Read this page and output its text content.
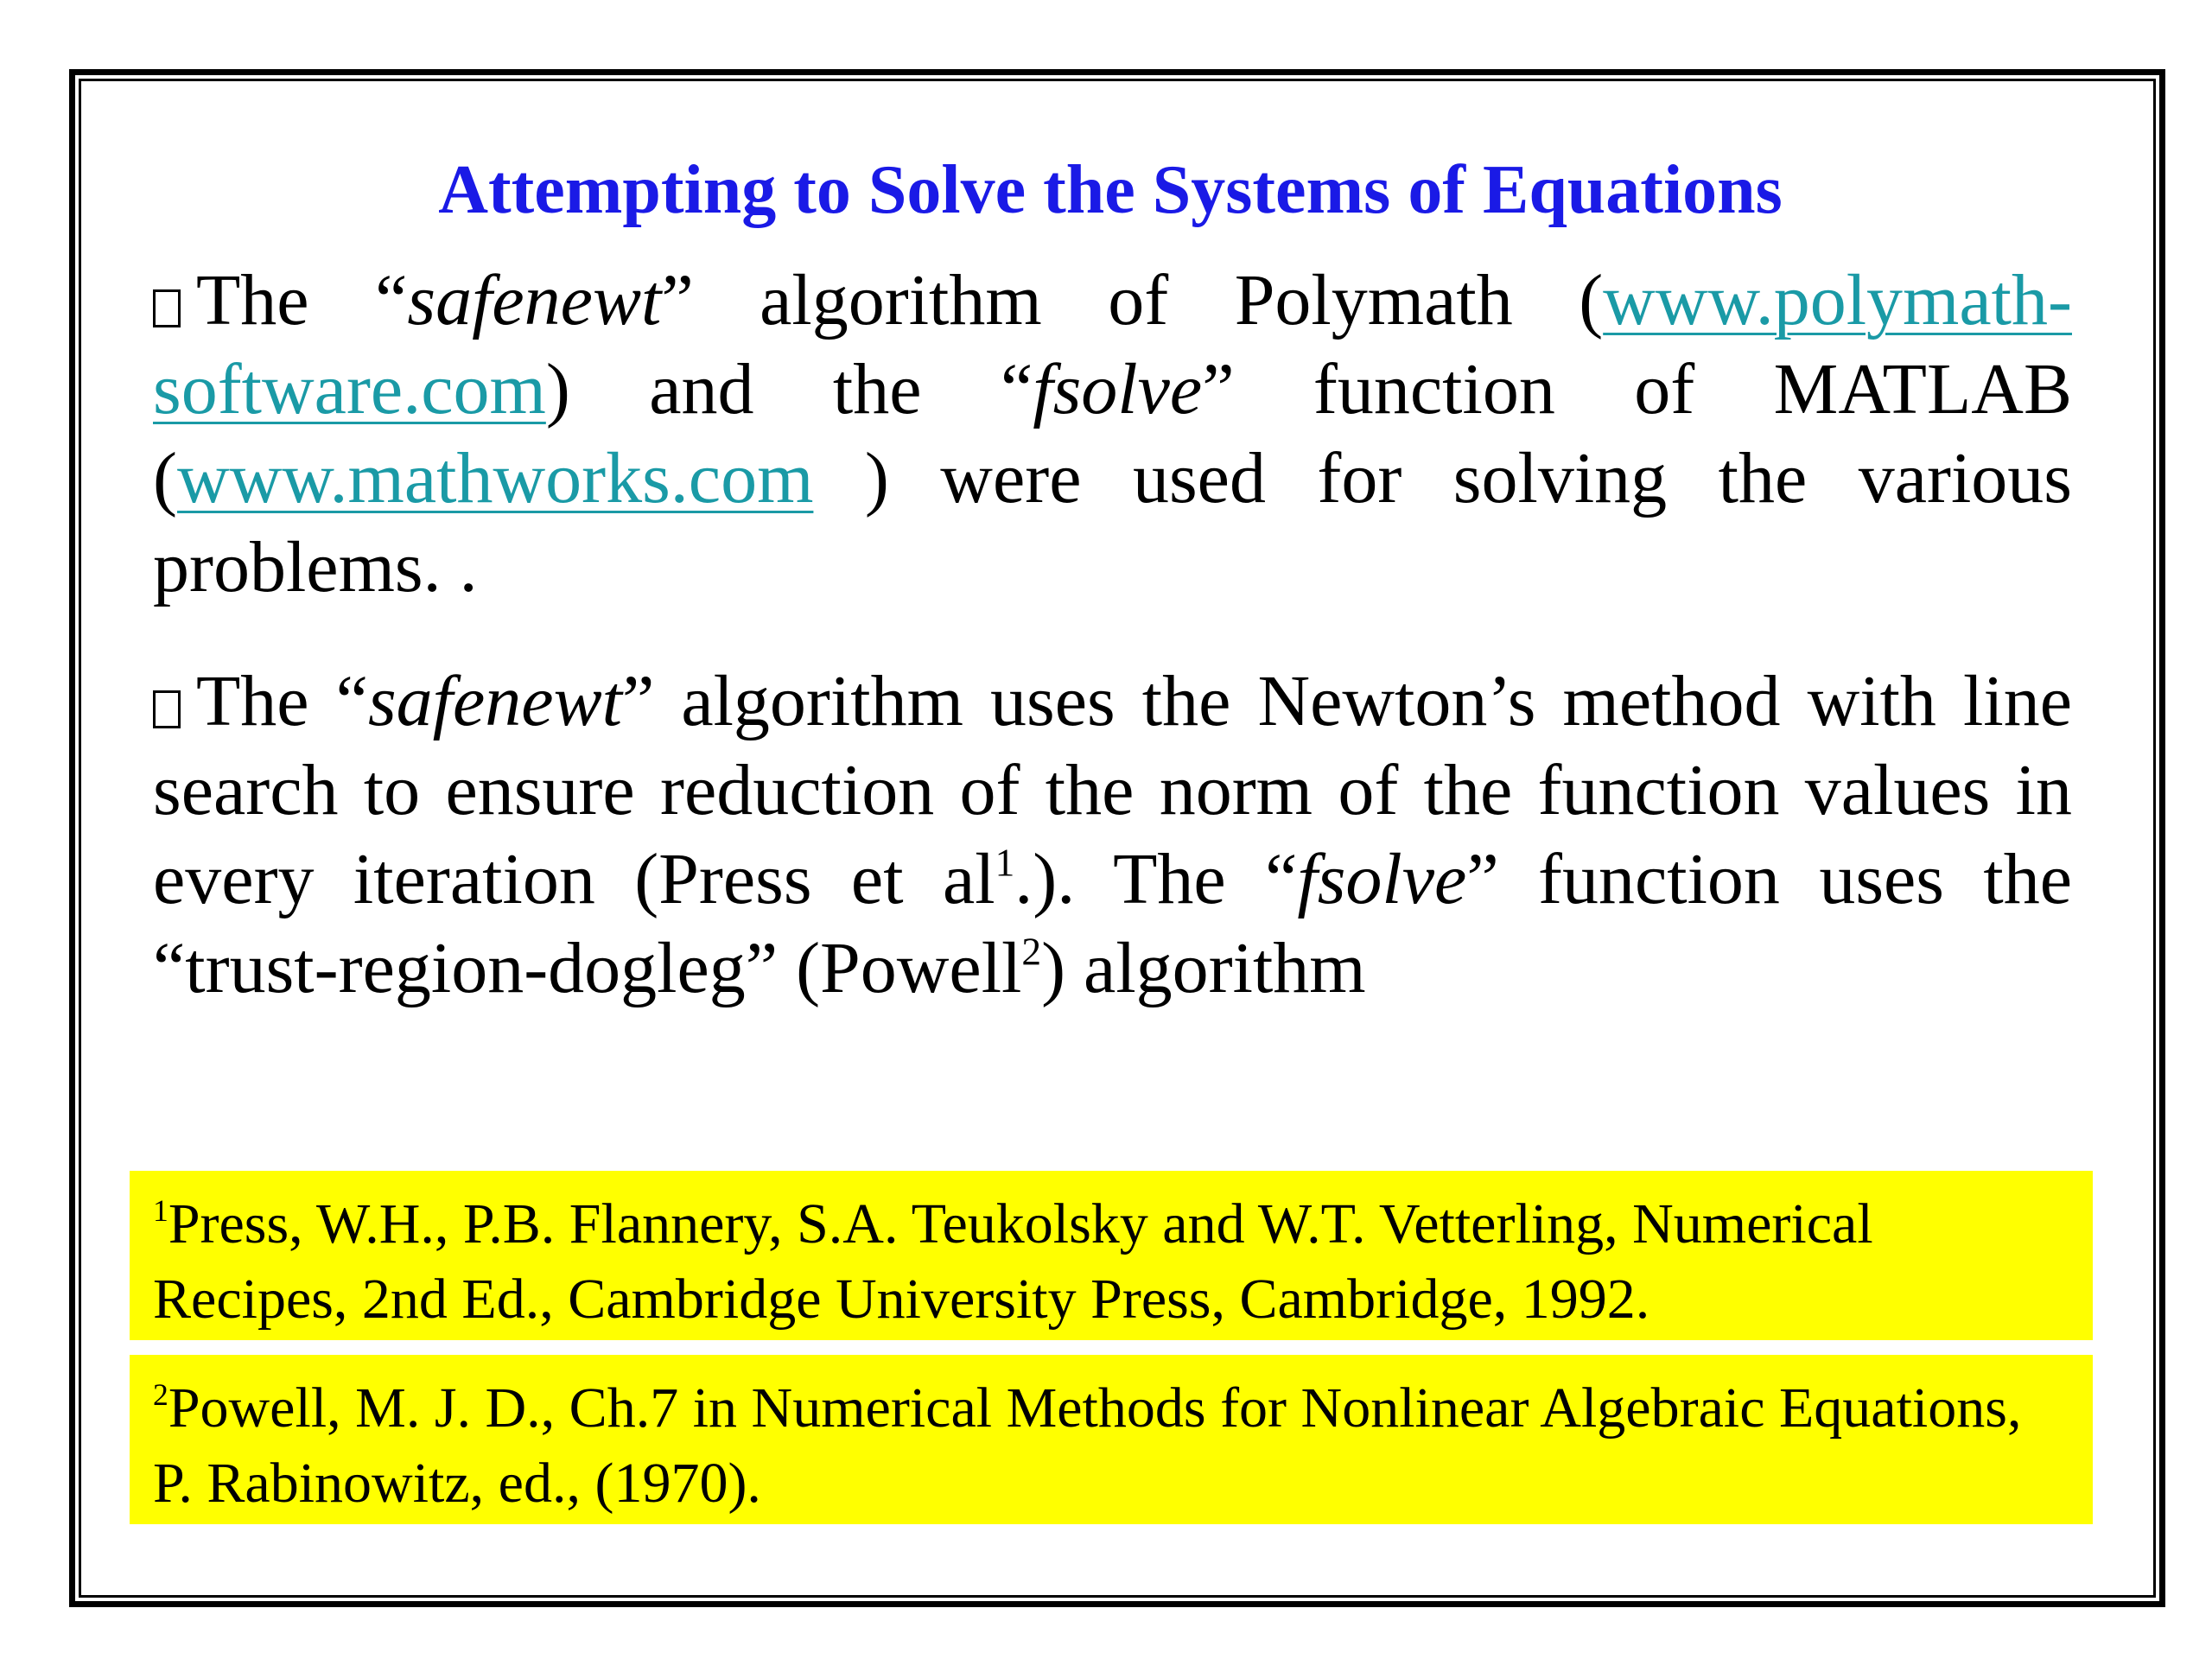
Attempting to Solve the Systems of Equations

The “safenewt” algorithm of Polymath (www.polymath-software.com) and the “fsolve” function of MATLAB (www.mathworks.com ) were used for solving the various problems. .

The “safenewt” algorithm uses the Newton’s method with line search to ensure reduction of the norm of the function values in every iteration (Press et $al^1$.). The “fsolve” function uses the “trust-region-dogleg” (Powell$^2$) algorithm

$^1$Press, W.H., P.B. Flannery, S.A. Teukolsky and W.T. Vetterling, Numerical Recipes, 2nd Ed., Cambridge University Press, Cambridge, 1992.
$^2$Powell, M. J. D., Ch.7 in Numerical Methods for Nonlinear Algebraic Equations, P. Rabinowitz, ed., (1970).
